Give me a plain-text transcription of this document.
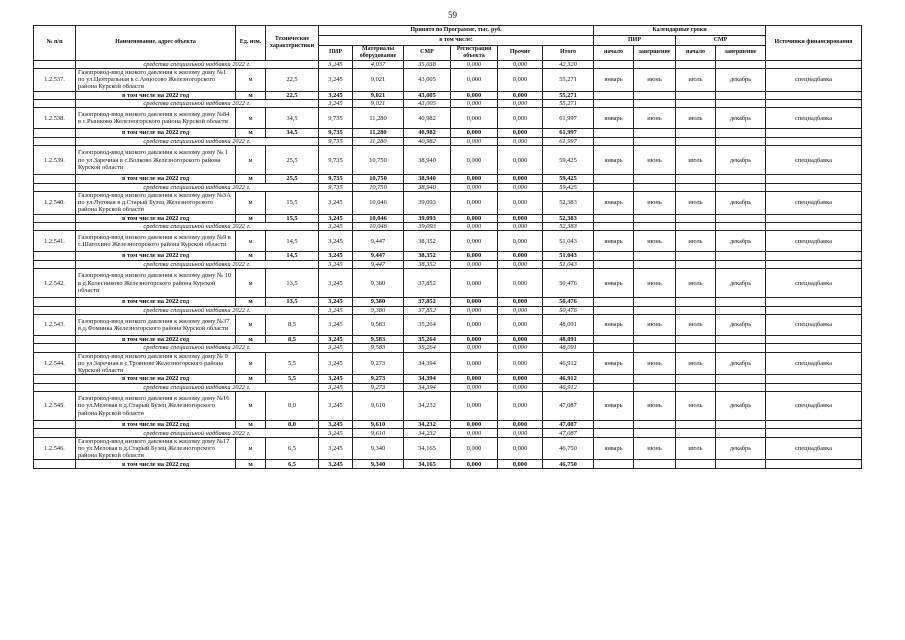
59
№ п/п	Наименование, адрес объекта	Ед. изм.	Технические характеристики	Принято по Программе, тыс. руб.						Календарные сроки				Источники финансирования
				в том числе:						ПИР		СМР		
				ПИР	Материалы оборудование	СМР	Регистрация объекта	Прочие	Итого	начало	завершение	начало	завершение	
	средства специальной надбавки 2022 г.			3,245	4,037	35,038	0,000	0,000	42,320					
1.2.537.	Газопровод-ввод низкого давления к жилому дому №1 по ул.Центральная в с.Анцосово Железногорского района Курской области	м	22,5	3,245	9,021	43,005	0,000	0,000	55,271	январь	июнь	июль	декабрь	спецнадбавка
	в том числе на 2022 год	м	22,5	3,245	9,021	43,005	0,000	0,000	55,271					
	средства специальной надбавки 2022 г.			3,245	9,021	43,005	0,000	0,000	55,271					
1.2.538.	Газопровод-ввод низкого давления к жилому дому №84 в с.Рышково Железногорского района Курской области	м	34,5	9,735	11,280	40,982	0,000	0,000	61,997	январь	июнь	июль	декабрь	спецнадбавка
	в том числе на 2022 год	м	34,5	9,735	11,280	40,982	0,000	0,000	61,997					
	средства специальной надбавки 2022 г.			9,735	11,280	40,982	0,000	0,000	61,997					
1.2.539.	Газопровод-ввод низкого давления к жилому дому № 1 по ул.Заречная в с.Волково Железногорского района Курской области	м	25,5	9,735	10,750	38,940	0,000	0,000	59,425	январь	июнь	июль	декабрь	спецнадбавка
	в том числе на 2022 год	м	25,5	9,735	10,750	38,940	0,000	0,000	59,425					
	средства специальной надбавки 2022 г.			9,735	10,750	38,940	0,000	0,000	59,425					
1.2.540.	Газопровод-ввод низкого давления к жилому дому №3А по ул.Луговая в д.Старый Бузец Железногорского района Курской области	м	15,5	3,245	10,046	39,093	0,000	0,000	52,383	январь	июнь	июль	декабрь	спецнадбавка
	в том числе на 2022 год	м	15,5	3,245	10,046	39,093	0,000	0,000	52,383					
	средства специальной надбавки 2022 г.			3,245	10,046	39,093	0,000	0,000	52,383					
1.2.541.	Газопровод-ввод низкого давления к жилому дому №9 в с.Шатохино Железногорского района Курской области	м	14,5	3,245	9,447	38,352	0,000	0,000	51,043	январь	июнь	июль	декабрь	спецнадбавка
	в том числе на 2022 год	м	14,5	3,245	9,447	38,352	0,000	0,000	51,043					
	средства специальной надбавки 2022 г.			3,245	9,447	38,352	0,000	0,000	51,043					
1.2.542.	Газопровод-ввод низкого давления к жилому дому № 10 в д.Колесниково Железногорского района Курской области	м	13,5	3,245	9,380	37,852	0,000	0,000	50,476	январь	июнь	июль	декабрь	спецнадбавка
	в том числе на 2022 год	м	13,5	3,245	9,380	37,852	0,000	0,000	50,476					
	средства специальной надбавки 2022 г.			3,245	9,380	37,852	0,000	0,000	50,476					
1.2.543.	Газопровод-ввод низкого давления к жилому дому №37 в д.Фоминка Железногорского района Курской области	м	8,5	3,245	9,583	35,264	0,000	0,000	48,091	январь	июнь	июль	декабрь	спецнадбавка
	в том числе на 2022 год	м	8,5	3,245	9,583	35,264	0,000	0,000	48,091					
	средства специальной надбавки 2022 г.			3,245	9,583	35,264	0,000	0,000	48,091					
1.2.544.	Газопровод-ввод низкого давления к жилому дому № 9 по ул.Заречная в с.Троянове Железногорского района Курской области	м	5,5	3,245	9,273	34,394	0,000	0,000	46,912	январь	июнь	июль	декабрь	спецнадбавка
	в том числе на 2022 год	м	5,5	3,245	9,273	34,394	0,000	0,000	46,912					
	средства специальной надбавки 2022 г.			3,245	9,273	34,394	0,000	0,000	46,912					
1.2.545.	Газопровод-ввод низкого давления к жилому дому №16 по ул.Меловая в д.Старый Бузец Железногорского района Курской области	м	8,0	3,245	9,610	34,232	0,000	0,000	47,087	январь	июнь	июль	декабрь	спецнадбавка
	в том числе на 2022 год	м	8,0	3,245	9,610	34,232	0,000	0,000	47,087					
	средства специальной надбавки 2022 г.			3,245	9,610	34,232	0,000	0,000	47,087					
1.2.546.	Газопровод-ввод низкого давления к жилому дому №17 по ул.Меловая в д.Старый Бузец Железногорского района Курской области	м	6,5	3,245	9,340	34,165	0,000	0,000	46,750	январь	июнь	июль	декабрь	спецнадбавка
	в том числе на 2022 год	м	6,5	3,245	9,340	34,165	0,000	0,000	46,750					
